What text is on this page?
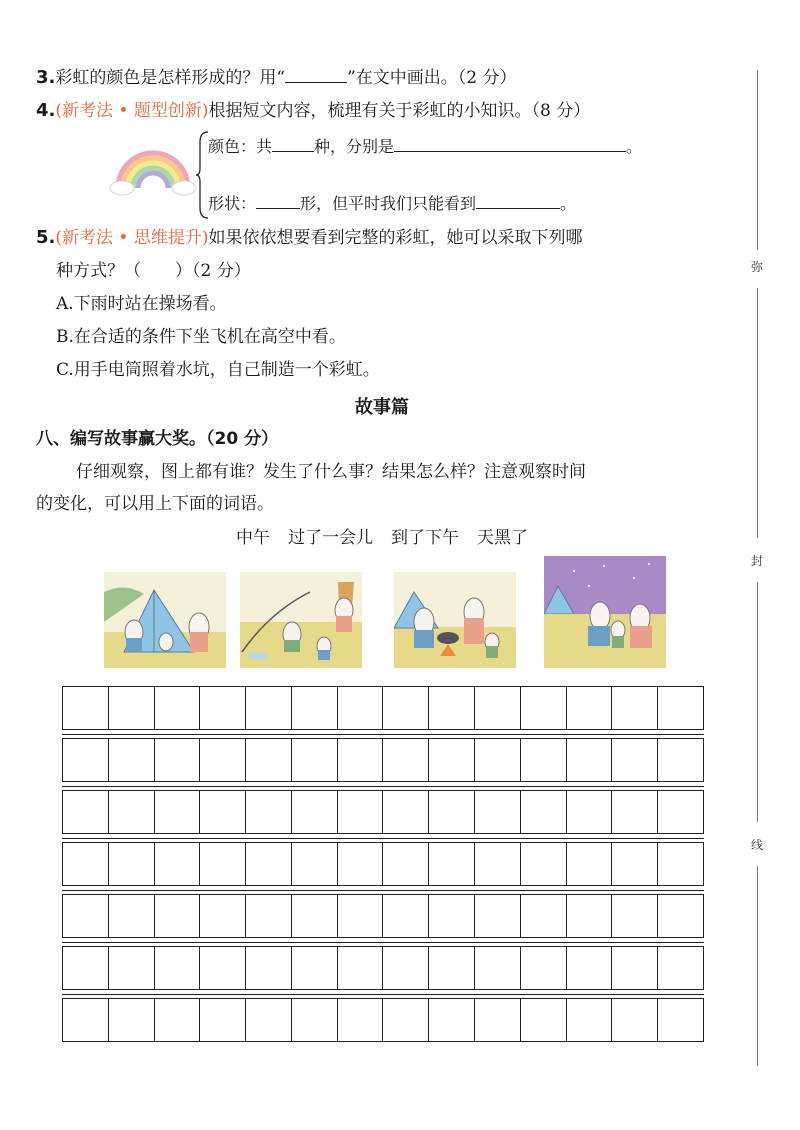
3.彩虹的颜色是怎样形成的？用“	”在文中画出。（2 分）
4.(新考法 • 题型创新)根据短文内容，梳理有关于彩虹的小知识。（8 分）
颜色：共	种，分别是	。
形状：	形，但平时我们只能看到	。
5.(新考法 • 思维提升)如果依依想要看到完整的彩虹，她可以采取下列哪
种方式？（　　）（2 分）
A.下雨时站在操场看。
B.在合适的条件下坐飞机在高空中看。
C.用手电筒照着水坑，自己制造一个彩虹。
故事篇
八、编写故事赢大奖。（20 分）
仔细观察，图上都有谁？发生了什么事？结果怎么样？注意观察时间
的变化，可以用上下面的词语。
中午 过了一会儿 到了下午 天黑了
弥
封
线
